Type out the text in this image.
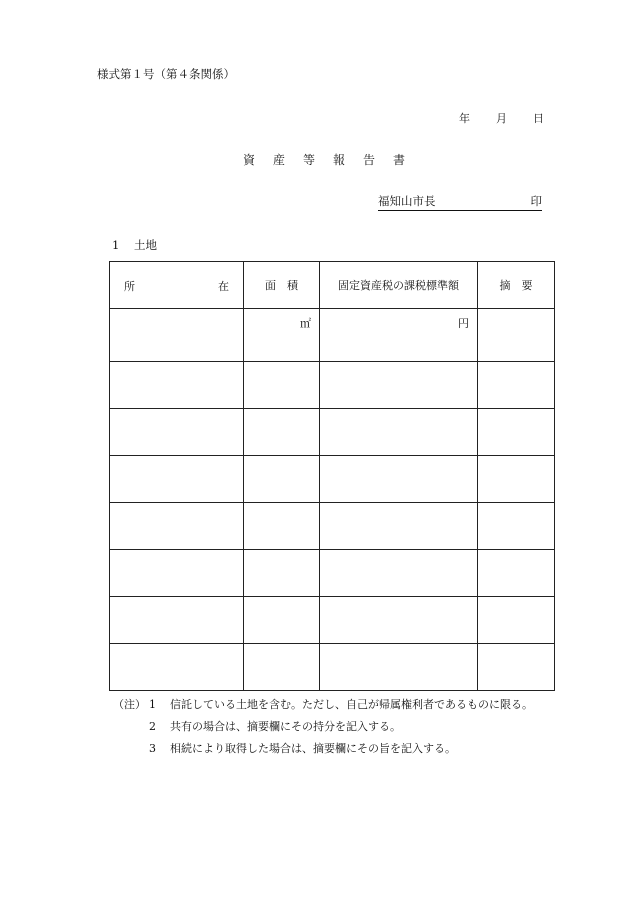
様式第１号（第４条関係）
年 月 日
資 産 等 報 告 書
福知山市長	印
1 土地
所 在	面　積	固定資産税の課税標準額	摘　要
	㎡	円	

（注） 1 信託している土地を含む。ただし、自己が帰属権利者であるものに限る。
2 共有の場合は、摘要欄にその持分を記入する。
3 相続により取得した場合は、摘要欄にその旨を記入する。
